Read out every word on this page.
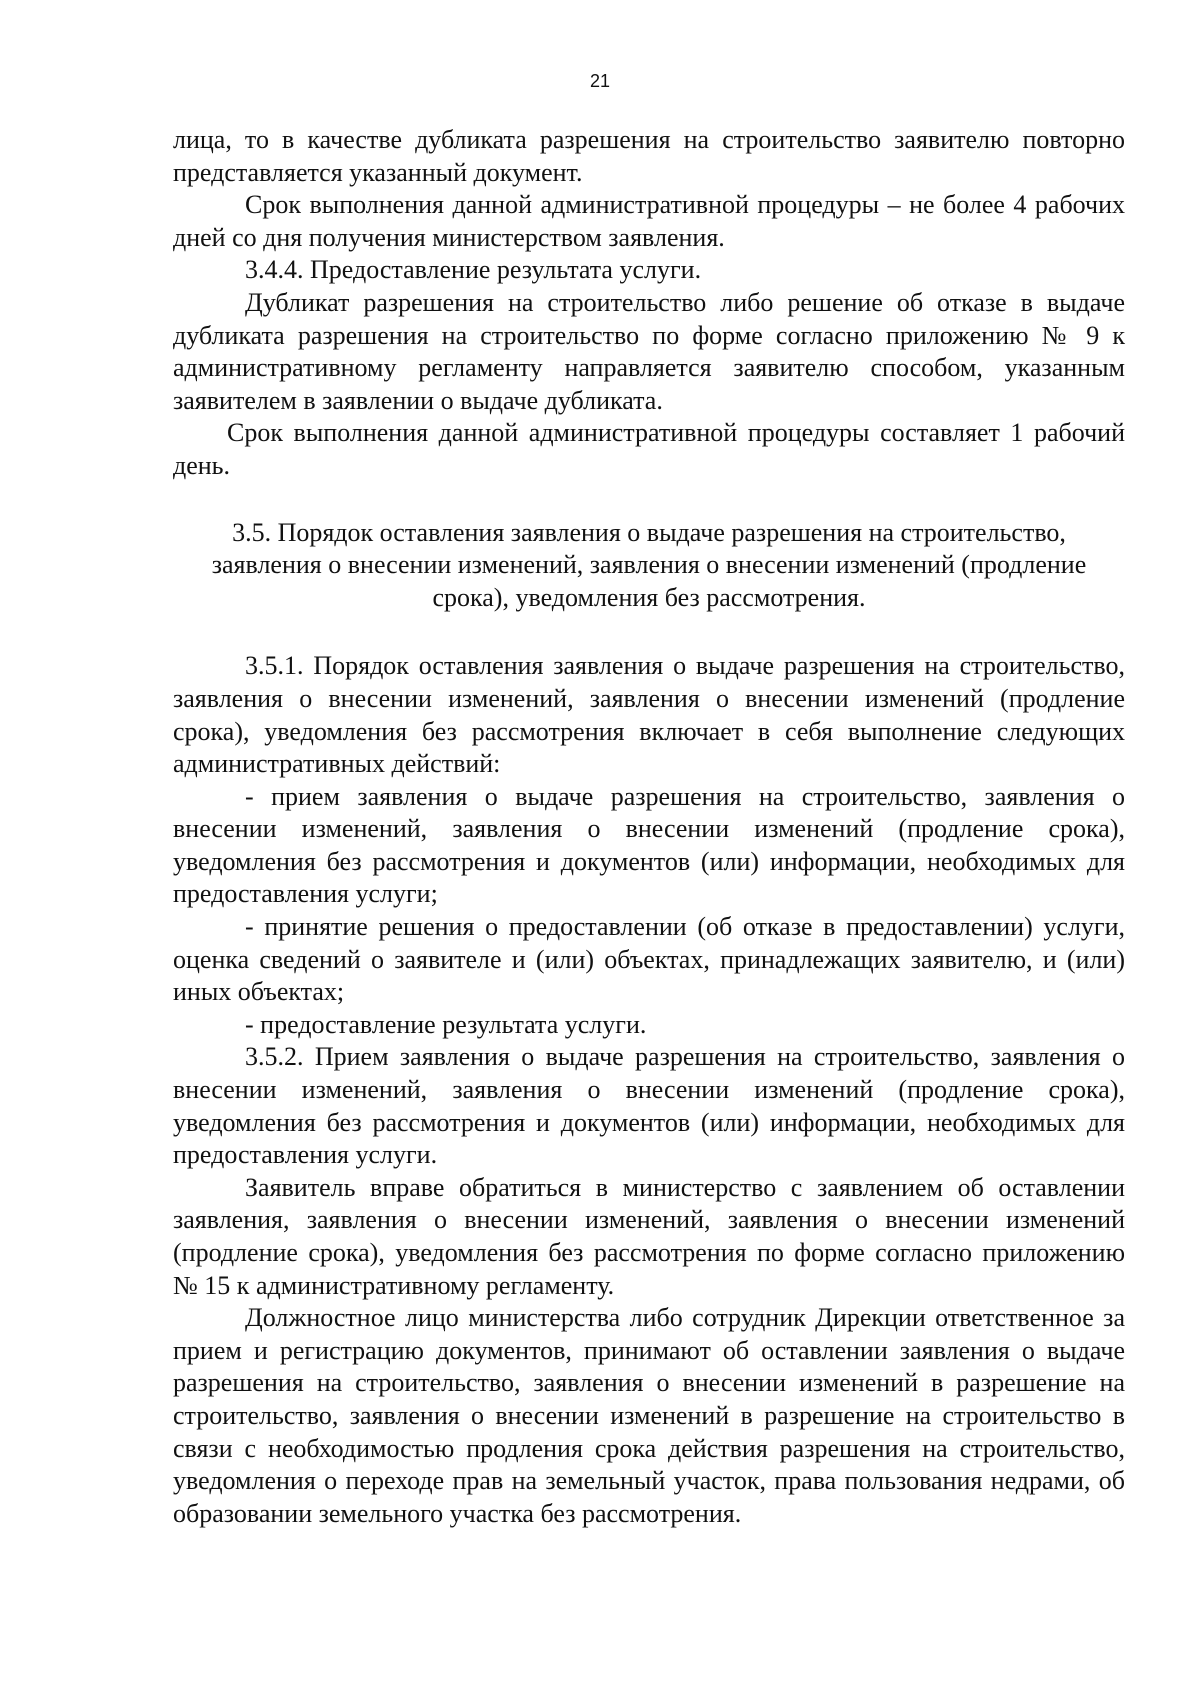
21

лица, то в качестве дубликата разрешения на строительство заявителю повторно представляется указанный документ.

Срок выполнения данной административной процедуры – не более 4 рабочих дней со дня получения министерством заявления.

3.4.4. Предоставление результата услуги.

Дубликат разрешения на строительство либо решение об отказе в выдаче дубликата разрешения на строительство по форме согласно приложению № 9 к административному регламенту направляется заявителю способом, указанным заявителем в заявлении о выдаче дубликата.

Срок выполнения данной административной процедуры составляет 1 рабочий день.

3.5. Порядок оставления заявления о выдаче разрешения на строительство, заявления о внесении изменений, заявления о внесении изменений (продление срока), уведомления без рассмотрения.

3.5.1. Порядок оставления заявления о выдаче разрешения на строительство, заявления о внесении изменений, заявления о внесении изменений (продление срока), уведомления без рассмотрения включает в себя выполнение следующих административных действий:

- прием заявления о выдаче разрешения на строительство, заявления о внесении изменений, заявления о внесении изменений (продление срока), уведомления без рассмотрения и документов (или) информации, необходимых для предоставления услуги;

- принятие решения о предоставлении (об отказе в предоставлении) услуги, оценка сведений о заявителе и (или) объектах, принадлежащих заявителю, и (или) иных объектах;

- предоставление результата услуги.

3.5.2. Прием заявления о выдаче разрешения на строительство, заявления о внесении изменений, заявления о внесении изменений (продление срока), уведомления без рассмотрения и документов (или) информации, необходимых для предоставления услуги.

Заявитель вправе обратиться в министерство с заявлением об оставлении заявления, заявления о внесении изменений, заявления о внесении изменений (продление срока), уведомления без рассмотрения по форме согласно приложению № 15 к административному регламенту.

Должностное лицо министерства либо сотрудник Дирекции ответственное за прием и регистрацию документов, принимают об оставлении заявления о выдаче разрешения на строительство, заявления о внесении изменений в разрешение на строительство, заявления о внесении изменений в разрешение на строительство в связи с необходимостью продления срока действия разрешения на строительство, уведомления о переходе прав на земельный участок, права пользования недрами, об образовании земельного участка без рассмотрения.
